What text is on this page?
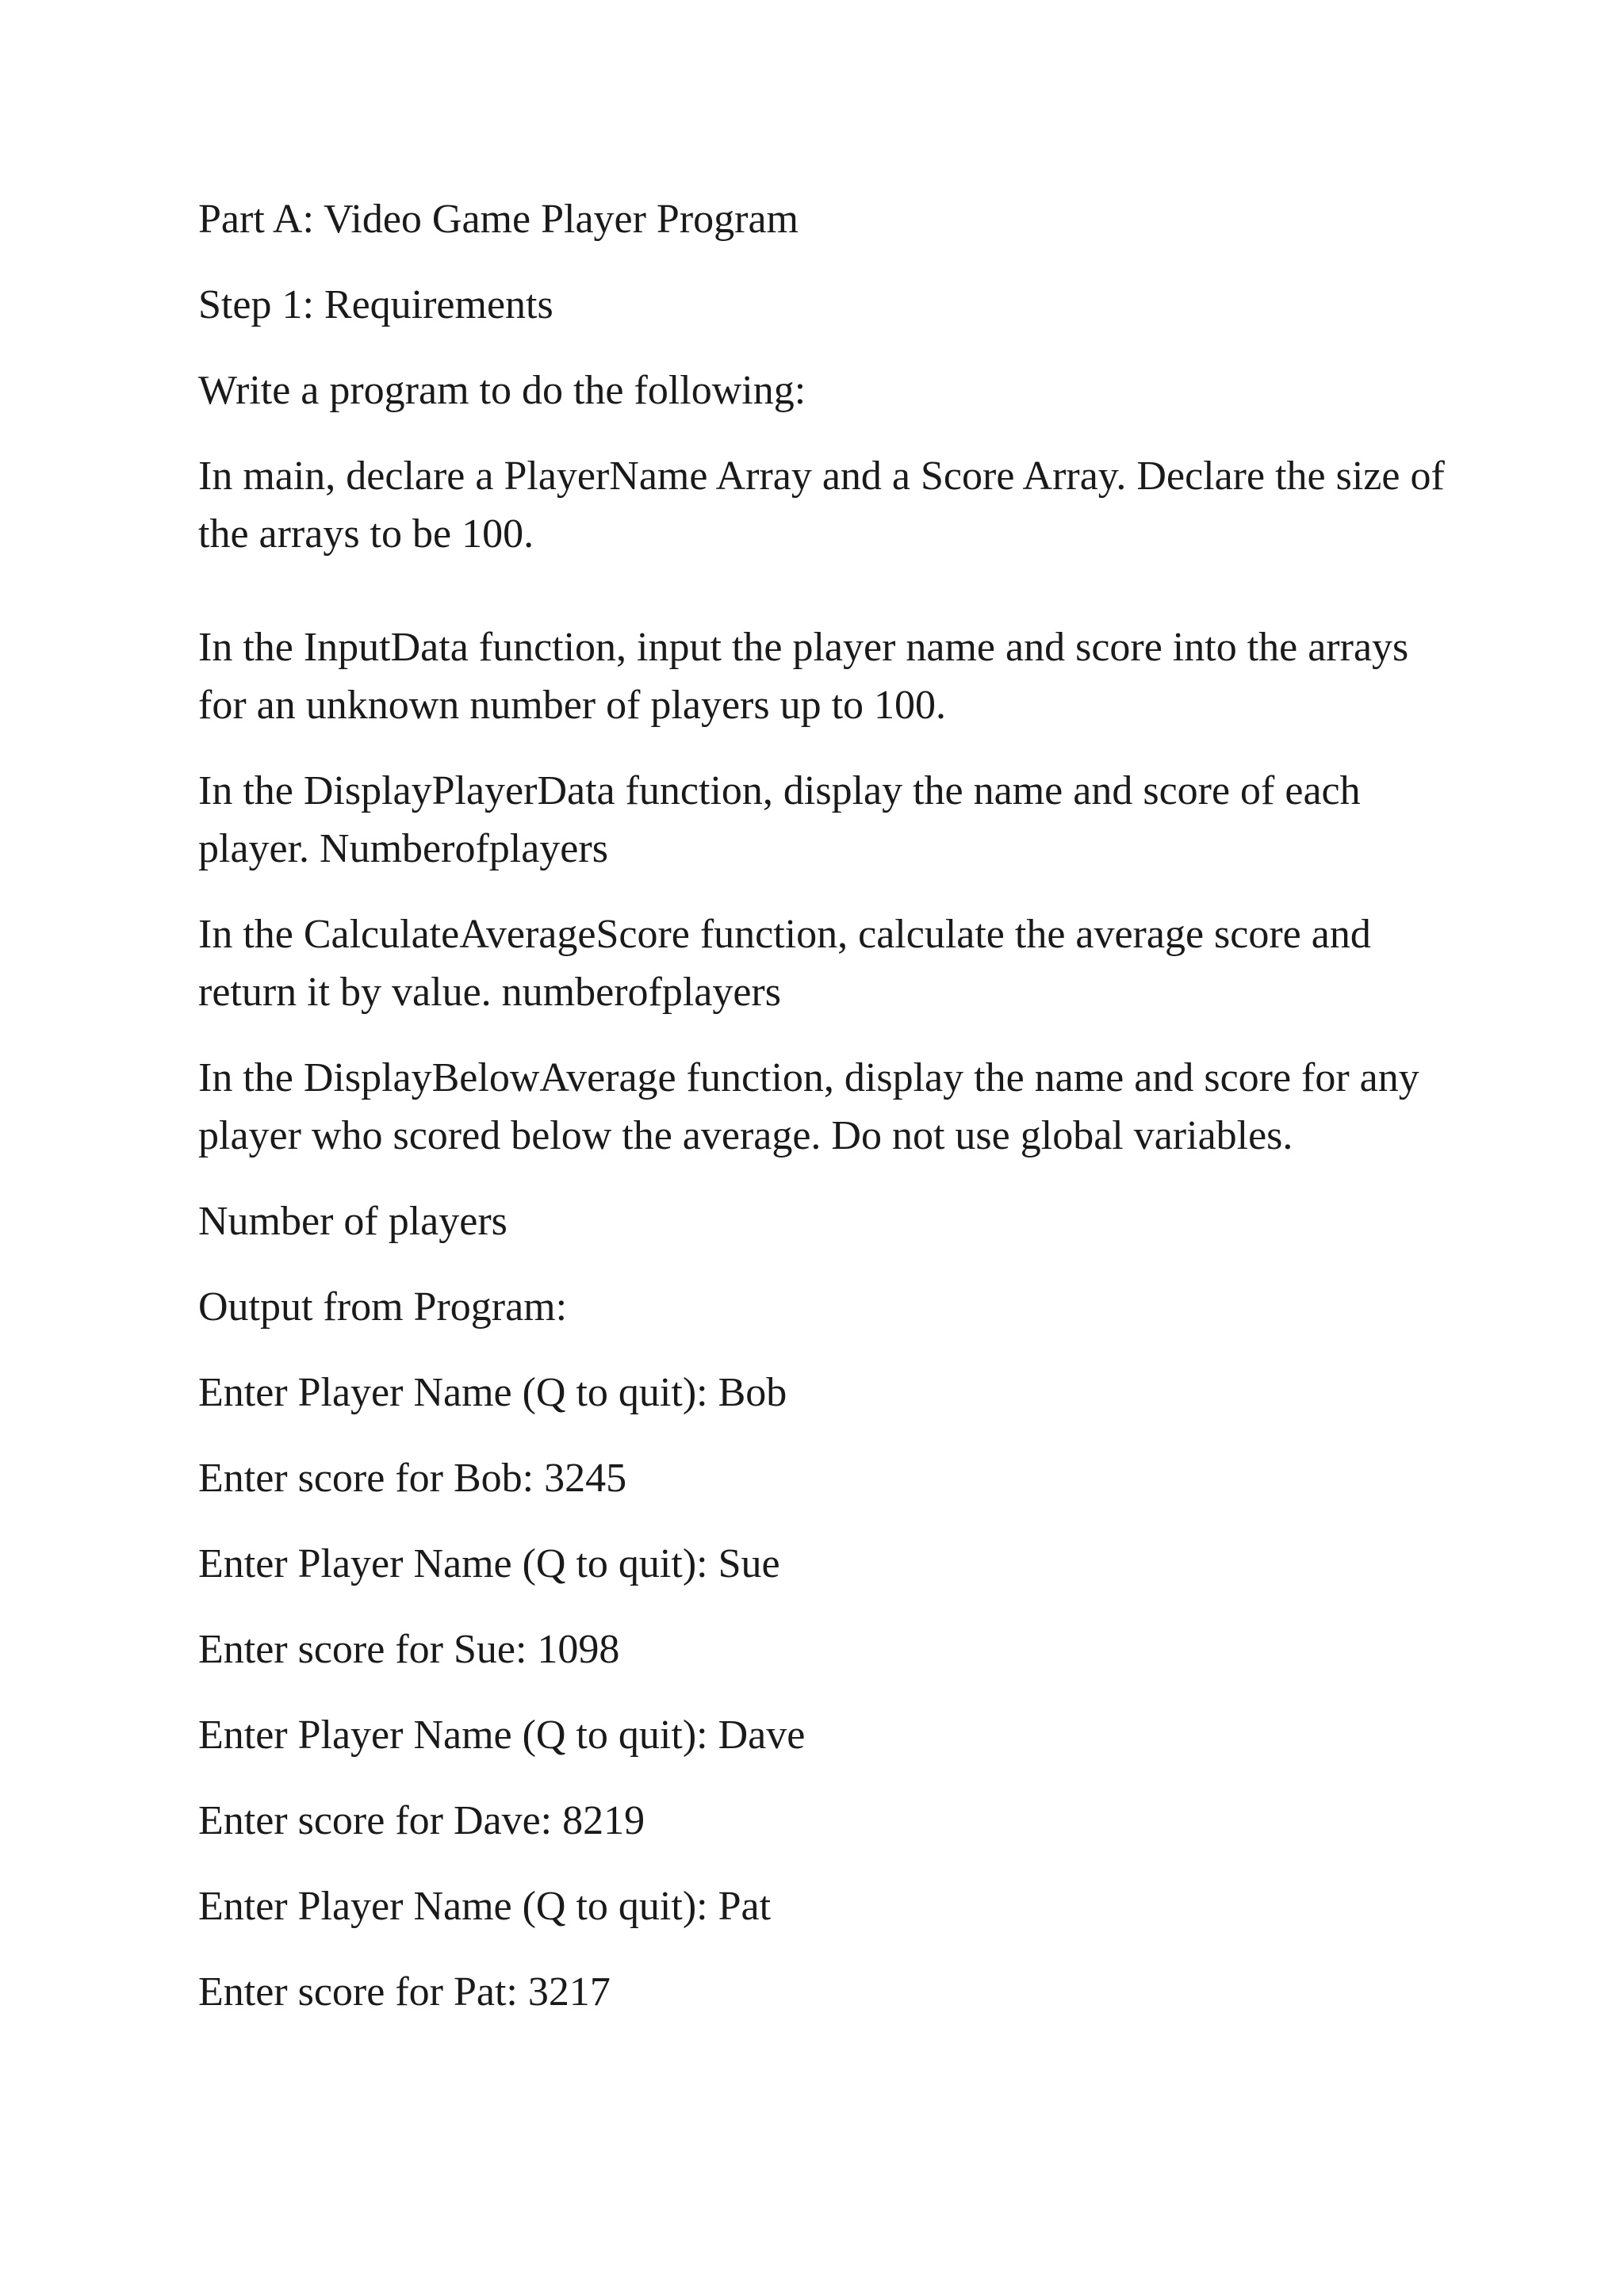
Part A: Video Game Player Program

Step 1: Requirements

Write a program to do the following:

In main, declare a PlayerName Array and a Score Array. Declare the size of the arrays to be 100.

In the InputData function, input the player name and score into the arrays for an unknown number of players up to 100.

In the DisplayPlayerData function, display the name and score of each player. Numberofplayers

In the CalculateAverageScore function, calculate the average score and return it by value. numberofplayers

In the DisplayBelowAverage function, display the name and score for any player who scored below the average. Do not use global variables.

Number of players

Output from Program:

Enter Player Name (Q to quit): Bob

Enter score for Bob: 3245

Enter Player Name (Q to quit): Sue

Enter score for Sue: 1098

Enter Player Name (Q to quit): Dave

Enter score for Dave: 8219

Enter Player Name (Q to quit): Pat

Enter score for Pat: 3217
